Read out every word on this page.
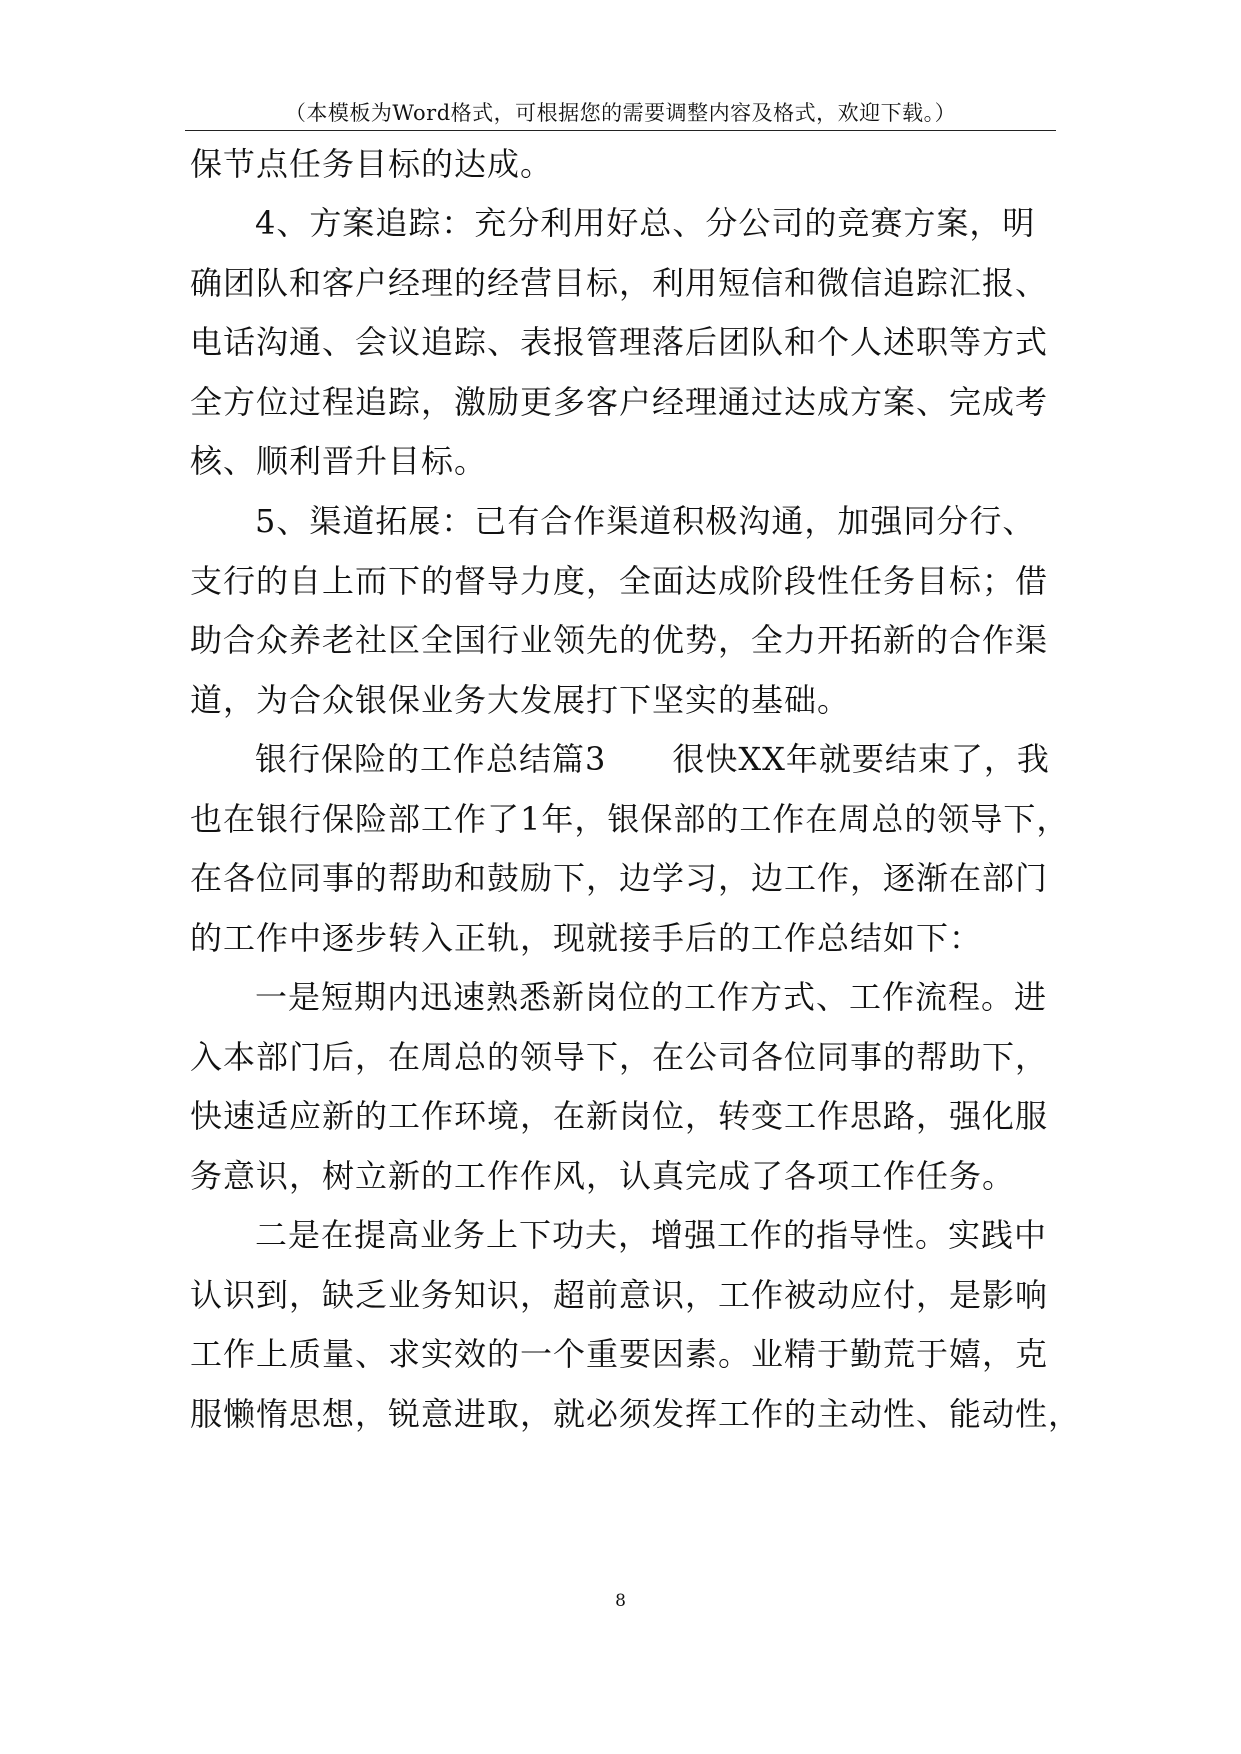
（本模板为Word格式，可根据您的需要调整内容及格式，欢迎下载。）
保节点任务目标的达成。
4、方案追踪：充分利用好总、分公司的竞赛方案，明
确团队和客户经理的经营目标，利用短信和微信追踪汇报、
电话沟通、会议追踪、表报管理落后团队和个人述职等方式
全方位过程追踪，激励更多客户经理通过达成方案、完成考
核、顺利晋升目标。
5、渠道拓展：已有合作渠道积极沟通，加强同分行、
支行的自上而下的督导力度，全面达成阶段性任务目标；借
助合众养老社区全国行业领先的优势，全力开拓新的合作渠
道，为合众银保业务大发展打下坚实的基础。
银行保险的工作总结篇3　　很快XX年就要结束了，我
也在银行保险部工作了1年，银保部的工作在周总的领导下，
在各位同事的帮助和鼓励下，边学习，边工作，逐渐在部门
的工作中逐步转入正轨，现就接手后的工作总结如下：
一是短期内迅速熟悉新岗位的工作方式、工作流程。进
入本部门后，在周总的领导下，在公司各位同事的帮助下，
快速适应新的工作环境，在新岗位，转变工作思路，强化服
务意识，树立新的工作作风，认真完成了各项工作任务。
二是在提高业务上下功夫，增强工作的指导性。实践中
认识到，缺乏业务知识，超前意识，工作被动应付，是影响
工作上质量、求实效的一个重要因素。业精于勤荒于嬉，克
服懒惰思想，锐意进取，就必须发挥工作的主动性、能动性，
8
